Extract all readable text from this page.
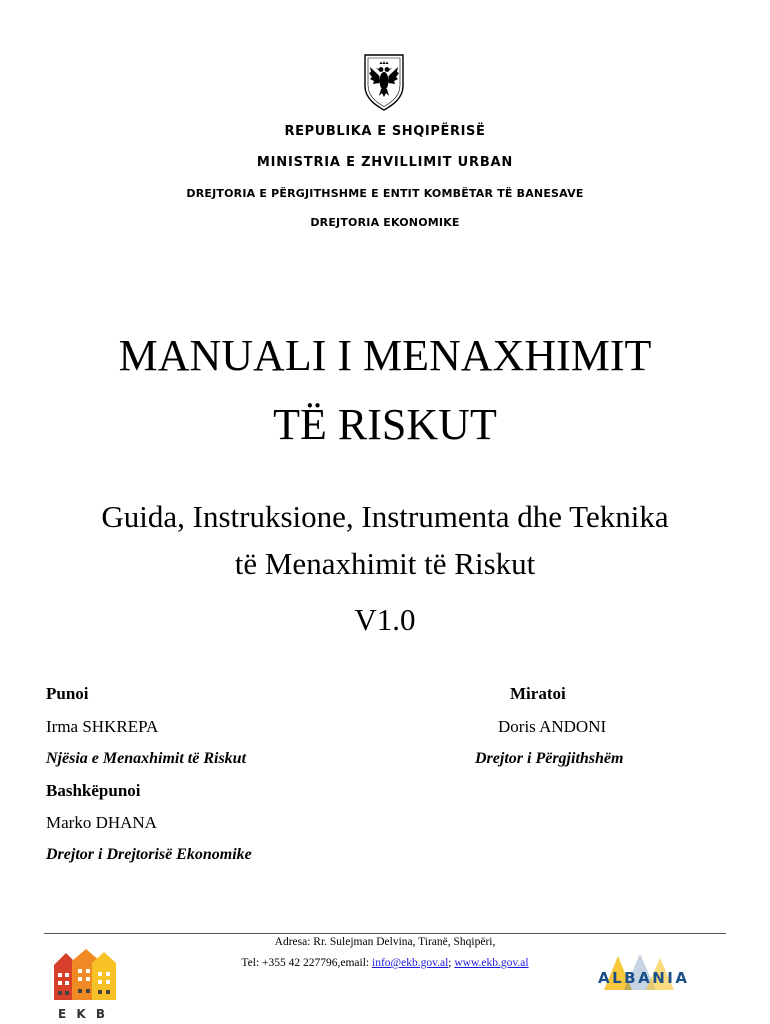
REPUBLIKA E SHQIPËRISË
MINISTRIA E ZHVILLIMIT URBAN
DREJTORIA E PËRGJITHSHME E ENTIT KOMBËTAR TË BANESAVE
DREJTORIA EKONOMIKE
MANUALI I MENAXHIMIT
TË RISKUT
Guida, Instruksione, Instrumenta dhe Teknika
të Menaxhimit të Riskut
V1.0
Punoi
Irma SHKREPA
Njësia e Menaxhimit të Riskut
Bashkëpunoi
Marko DHANA
Drejtor i Drejtorisë Ekonomike
Miratoi
Doris ANDONI
Drejtor i Përgjithshëm
Adresa: Rr. Sulejman Delvina, Tiranë, Shqipëri,
Tel: +355 42 227796,email: info@ekb.gov.al; www.ekb.gov.al
E K B
ALBANIA
